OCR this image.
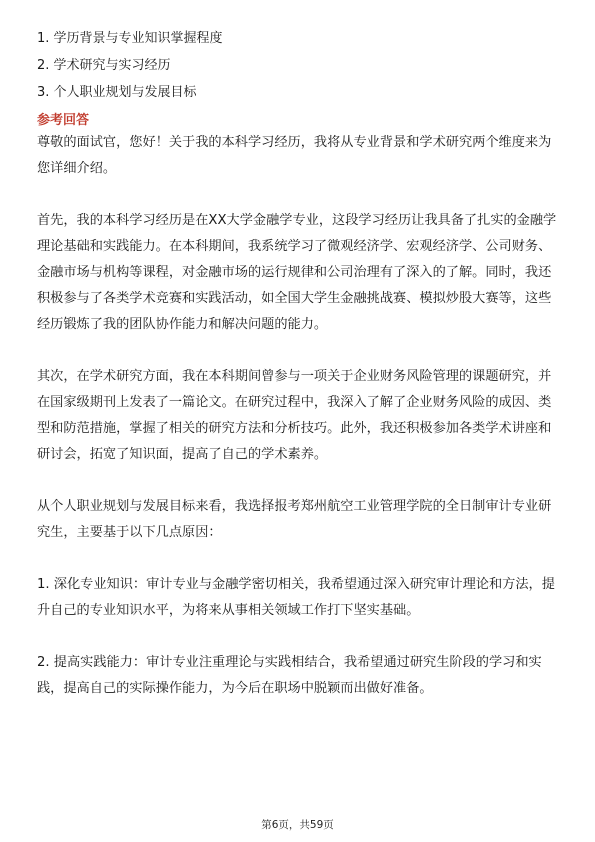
1. 学历背景与专业知识掌握程度
2. 学术研究与实习经历
3. 个人职业规划与发展目标
参考回答

尊敬的面试官，您好！关于我的本科学习经历，我将从专业背景和学术研究两个维度来为您详细介绍。

首先，我的本科学习经历是在XX大学金融学专业，这段学习经历让我具备了扎实的金融学理论基础和实践能力。在本科期间，我系统学习了微观经济学、宏观经济学、公司财务、金融市场与机构等课程，对金融市场的运行规律和公司治理有了深入的了解。同时，我还积极参与了各类学术竞赛和实践活动，如全国大学生金融挑战赛、模拟炒股大赛等，这些经历锻炼了我的团队协作能力和解决问题的能力。

其次，在学术研究方面，我在本科期间曾参与一项关于企业财务风险管理的课题研究，并在国家级期刊上发表了一篇论文。在研究过程中，我深入了解了企业财务风险的成因、类型和防范措施，掌握了相关的研究方法和分析技巧。此外，我还积极参加各类学术讲座和研讨会，拓宽了知识面，提高了自己的学术素养。

从个人职业规划与发展目标来看，我选择报考郑州航空工业管理学院的全日制审计专业研究生，主要基于以下几点原因：

1. 深化专业知识：审计专业与金融学密切相关，我希望通过深入研究审计理论和方法，提升自己的专业知识水平，为将来从事相关领域工作打下坚实基础。

2. 提高实践能力：审计专业注重理论与实践相结合，我希望通过研究生阶段的学习和实践，提高自己的实际操作能力，为今后在职场中脱颖而出做好准备。

第6页，共59页
